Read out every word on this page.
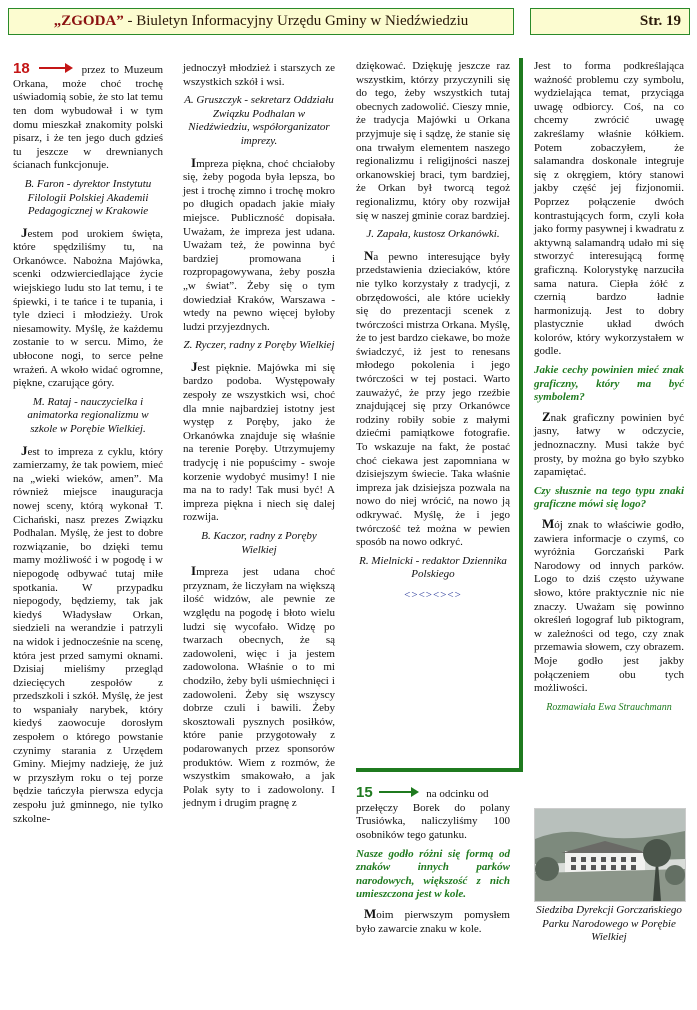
„ZGODA” - Biuletyn Informacyjny Urzędu Gminy w Niedźwiedziu	Str. 19

18	przez to Muzeum Orkana, może choć trochę uświadomią sobie, że sto lat temu ten dom wybudował i w tym domu mieszkał znakomity polski pisarz, i że ten jego duch gdzieś tu jeszcze w drewnianych ścianach funkcjonuje.

B. Faron - dyrektor Instytutu Filologii Polskiej Akademii Pedagogicznej w Krakowie

Jestem pod urokiem święta, które spędziliśmy tu, na Orkanówce. Nabożna Majówka, scenki odzwierciedlające życie wiejskiego ludu sto lat temu, i te śpiewki, i te tańce i te tupania, i tyle dzieci i młodzieży. Urok niesamowity. Myślę, że każdemu zostanie to w sercu. Mimo, że ubłocone nogi, to serce pełne wrażeń. A wkoło widać ogromne, piękne, czarujące góry.

M. Rataj - nauczycielka i animatorka regionalizmu w szkole w Porębie Wielkiej.

Jest to impreza z cyklu, który zamierzamy, że tak powiem, mieć na „wieki wieków, amen”. Ma również miejsce inauguracja nowej sceny, którą wykonał T. Cichański, nasz prezes Związku Podhalan. Myślę, że jest to dobre rozwiązanie, bo dzięki temu mamy możliwość i w pogodę i w niepogodę odbywać tutaj miłe spotkania. W przypadku niepogody, będziemy, tak jak kiedyś Władysław Orkan, siedzieli na werandzie i patrzyli na widok i jednocześnie na scenę, która jest przed samymi oknami. Dzisiaj mieliśmy przegląd dziecięcych zespołów z przedszkoli i szkół. Myślę, że jest to wspaniały narybek, który kiedyś zaowocuje dorosłym zespołem o którego powstanie czynimy starania z Urzędem Gminy. Miejmy nadzieję, że już w przyszłym roku o tej porze będzie tańczyła pierwsza edycja zespołu już gminnego, nie tylko szkolne-

jednoczył młodzież i starszych ze wszystkich szkół i wsi.

A. Gruszczyk - sekretarz Oddziału Związku Podhalan w Niedźwiedziu, współorganizator imprezy.

Impreza piękna, choć chciałoby się, żeby pogoda była lepsza, bo jest i trochę zimno i trochę mokro po długich opadach jakie miały miejsce. Publiczność dopisała. Uważam, że impreza jest udana. Uważam też, że powinna być bardziej promowana i rozpropagowywana, żeby poszła „w świat”. Żeby się o tym dowiedział Kraków, Warszawa - wtedy na pewno więcej byłoby ludzi przyjezdnych.

Z. Ryczer, radny z Poręby Wielkiej

Jest pięknie. Majówka mi się bardzo podoba. Występowały zespoły ze wszystkich wsi, choć dla mnie najbardziej istotny jest występ z Poręby, jako że Orkanówka znajduje się właśnie na terenie Poręby. Utrzymujemy tradycję i nie popuścimy - swoje korzenie wydobyć musimy! I nie ma na to rady! Tak musi być! A impreza piękna i niech się dalej rozwija.

B. Kaczor, radny z Poręby Wielkiej

Impreza jest udana choć przyznam, że liczyłam na większą ilość widzów, ale pewnie ze względu na pogodę i błoto wielu ludzi się wycofało. Widzę po twarzach obecnych, że są zadowoleni, więc i ja jestem zadowolona. Właśnie o to mi chodziło, żeby byli uśmiechnięci i zadowoleni. Żeby się wszyscy dobrze czuli i bawili. Żeby skosztowali pysznych posiłków, które panie przygotowały z podarowanych przez sponsorów produktów. Wiem z rozmów, że wszystkim smakowało, a jak Polak syty to i zadowolony. I jednym i drugim pragnę z

dziękować. Dziękuję jeszcze raz wszystkim, którzy przyczynili się do tego, żeby wszystkich tutaj obecnych zadowolić. Cieszy mnie, że tradycja Majówki u Orkana przyjmuje się i sądzę, że stanie się ona trwałym elementem naszego regionalizmu i religijności naszej orkanowskiej braci, tym bardziej, że Orkan był tworcą tegoż regionalizmu, który oby rozwijał się w naszej gminie coraz bardziej.

J. Zapała, kustosz Orkanówki.

Na pewno interesujące były przedstawienia dzieciaków, które nie tylko korzystały z tradycji, z obrzędowości, ale które uciekły się do prezentacji scenek z twórczości mistrza Orkana. Myślę, że to jest bardzo ciekawe, bo może świadczyć, iż jest to renesans młodego pokolenia i jego twórczości w tej postaci. Warto zauważyć, że przy jego rzeźbie znajdującej się przy Orkanówce rodziny robiły sobie z małymi dziećmi pamiątkowe fotografie. To wskazuje na fakt, że postać choć ciekawa jest zapomniana w dzisiejszym świecie. Taka właśnie impreza jak dzisiejsza pozwala na nowo do niej wrócić, na nowo ją odkrywać. Myślę, że i jego twórczość też można w pewien sposób na nowo odkryć.

R. Mielnicki - redaktor Dziennika Polskiego
<><><><>

Jest to forma podkreślająca ważność problemu czy symbolu, wydzielająca temat, przyciąga uwagę odbiorcy. Coś, na co chcemy zwrócić uwagę zakreślamy właśnie kółkiem. Potem zobaczyłem, że salamandra doskonale integruje się z okręgiem, który stanowi jakby część jej fizjonomii. Poprzez połączenie dwóch kontrastujących form, czyli koła jako formy pasywnej i kwadratu z aktywną salamandrą udało mi się stworzyć interesującą formę graficzną. Kolorystykę narzuciła sama natura. Ciepła żółć z czernią bardzo ładnie harmonizują. Jest to dobry plastycznie układ dwóch kolorów, który wykorzystałem w godle.

Jakie cechy powinien mieć znak graficzny, który ma być symbolem?

Znak graficzny powinien być jasny, łatwy w odczycie, jednoznaczny. Musi także być prosty, by można go było szybko zapamiętać.

Czy słusznie na tego typu znaki graficzne mówi się logo?

Mój znak to właściwie godło, zawiera informacje o czymś, co wyróżnia Gorczański Park Narodowy od innych parków. Logo to dziś często używane słowo, które praktycznie nic nie znaczy. Uważam się powinno określeń logograf lub piktogram, w zależności od tego, czy znak przemawia słowem, czy obrazem. Moje godło jest jakby połączeniem obu tych możliwości.

Rozmawiała Ewa Strauchmann

15	na odcinku od

przełęczy Borek do polany Trusiówka, naliczyliśmy 100 osobników tego gatunku.

Nasze godło różni się formą od znaków innych parków narodowych, większość z nich umieszczona jest w kole.

Moim pierwszym pomysłem było zawarcie znaku w kole.

Siedziba Dyrekcji Gorczańskiego Parku Narodowego w Porębie Wielkiej
